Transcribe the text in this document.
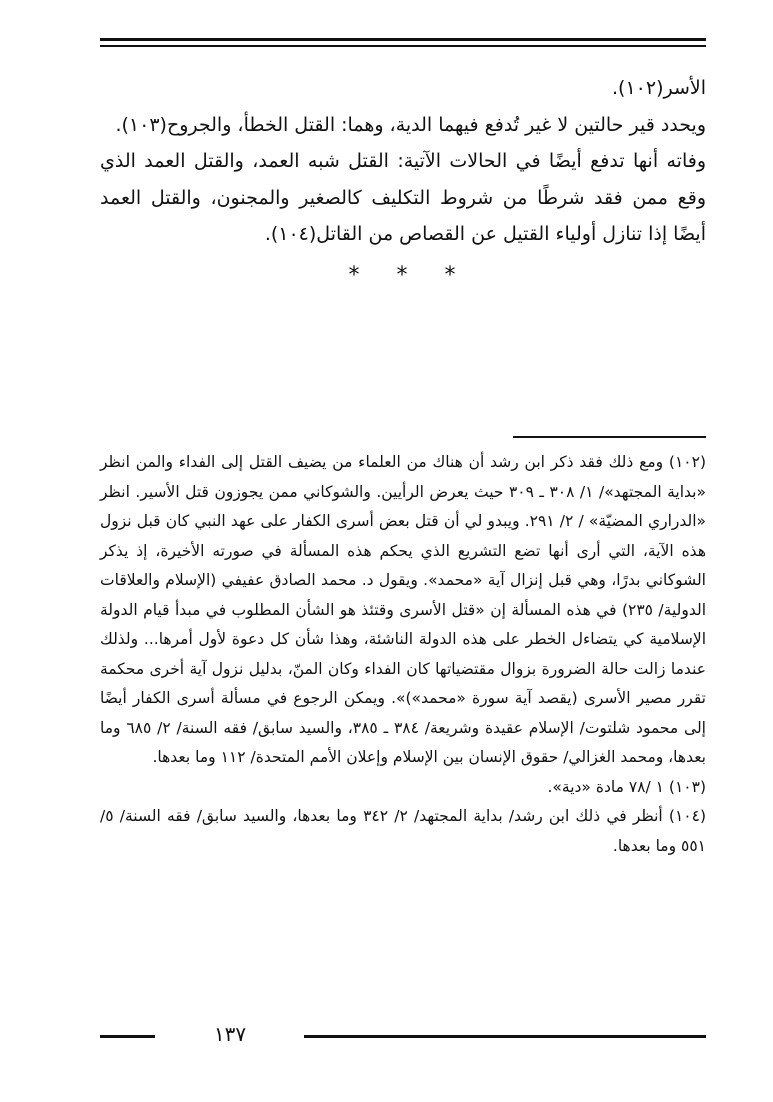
الأسر(١٠٢).

ويحدد قير حالتين لا غير تُدفع فيهما الدية، وهما: القتل الخطأ، والجروح(١٠٣).

وفاته أنها تدفع أيضًا في الحالات الآتية: القتل شبه العمد، والقتل العمد الذي وقع ممن فقد شرطًا من شروط التكليف كالصغير والمجنون، والقتل العمد أيضًا إذا تنازل أولياء القتيل عن القصاص من القاتل(١٠٤).

* * *

(١٠٢) ومع ذلك فقد ذكر ابن رشد أن هناك من العلماء من يضيف القتل إلى الفداء والمن انظر «بداية المجتهد»/ ١/ ٣٠٨ ـ ٣٠٩ حيث يعرض الرأيين. والشوكاني ممن يجوزون قتل الأسير. انظر «الدراري المضيّة» / ٢/ ٢٩١. ويبدو لي أن قتل بعض أسرى الكفار على عهد النبي كان قبل نزول هذه الآية، التي أرى أنها تضع التشريع الذي يحكم هذه المسألة في صورته الأخيرة، إذ يذكر الشوكاني بدرًا، وهي قبل إنزال آية «محمد». ويقول د. محمد الصادق عفيفي (الإسلام والعلاقات الدولية/ ٢٣٥) في هذه المسألة إن «قتل الأسرى وقتئذ هو الشأن المطلوب في مبدأ قيام الدولة الإسلامية كي يتضاءل الخطر على هذه الدولة الناشئة، وهذا شأن كل دعوة لأول أمرها... ولذلك عندما زالت حالة الضرورة بزوال مقتضياتها كان الفداء وكان المنّ، بدليل نزول آية أخرى محكمة تقرر مصير الأسرى (يقصد آية سورة «محمد»)». ويمكن الرجوع في مسألة أسرى الكفار أيضًا إلى محمود شلتوت/ الإسلام عقيدة وشريعة/ ٣٨٤ ـ ٣٨٥، والسيد سابق/ فقه السنة/ ٢/ ٦٨٥ وما بعدها، ومحمد الغزالي/ حقوق الإنسان بين الإسلام وإعلان الأمم المتحدة/ ١١٢ وما بعدها.

(١٠٣) ١ /٧٨ مادة «دية».

(١٠٤) أنظر في ذلك ابن رشد/ بداية المجتهد/ ٢/ ٣٤٢ وما بعدها، والسيد سابق/ فقه السنة/ ٥/ ٥٥١ وما بعدها.

١٣٧
